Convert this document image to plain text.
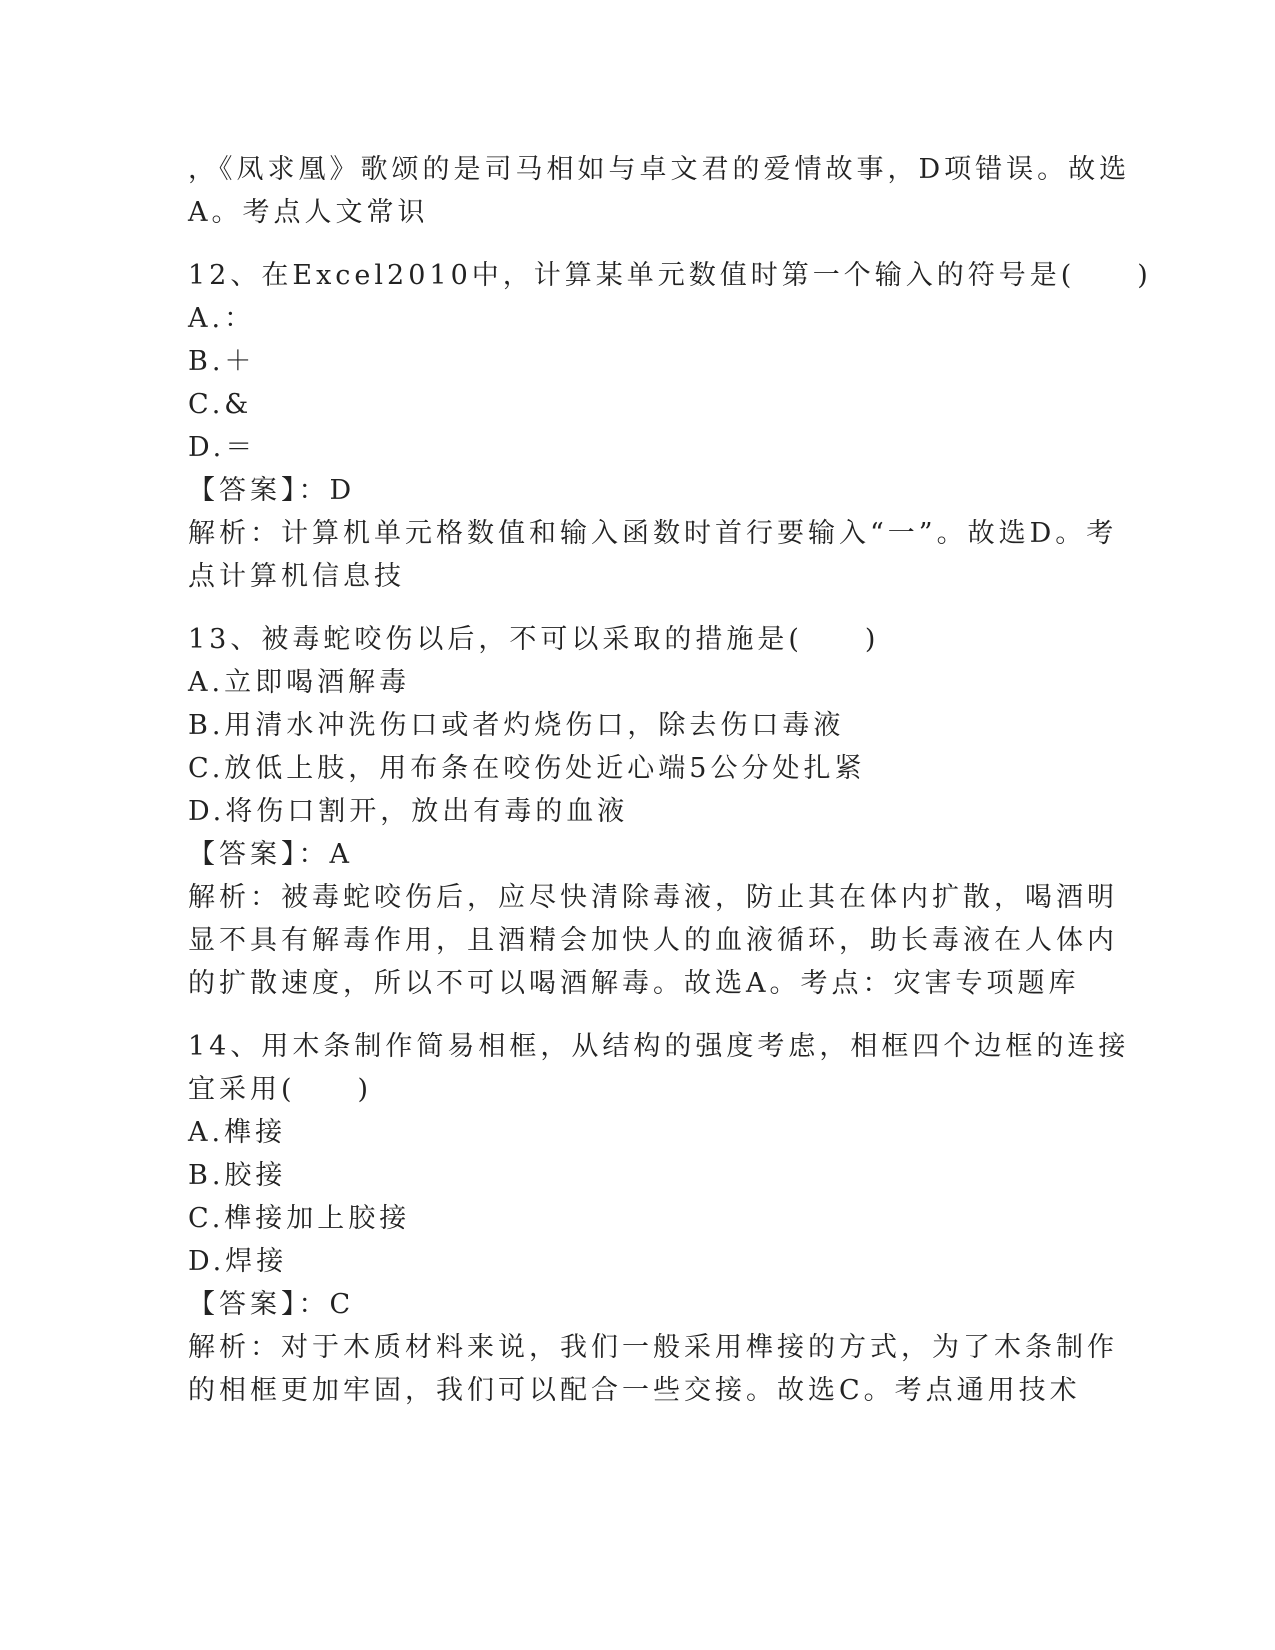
，《凤求凰》歌颂的是司马相如与卓文君的爱情故事，D项错误。故选

A。考点人文常识

12、在Excel2010中，计算某单元数值时第一个输入的符号是(　　)

A.：

B.＋

C.&

D.＝

【答案】：D

解析：计算机单元格数值和输入函数时首行要输入“一”。故选D。考

点计算机信息技

13、被毒蛇咬伤以后，不可以采取的措施是(　　)

A.立即喝酒解毒

B.用清水冲洗伤口或者灼烧伤口，除去伤口毒液

C.放低上肢，用布条在咬伤处近心端5公分处扎紧

D.将伤口割开，放出有毒的血液

【答案】：A

解析：被毒蛇咬伤后，应尽快清除毒液，防止其在体内扩散，喝酒明

显不具有解毒作用，且酒精会加快人的血液循环，助长毒液在人体内

的扩散速度，所以不可以喝酒解毒。故选A。考点：灾害专项题库

14、用木条制作简易相框，从结构的强度考虑，相框四个边框的连接

宜采用(　　)

A.榫接

B.胶接

C.榫接加上胶接

D.焊接

【答案】：C

解析：对于木质材料来说，我们一般采用榫接的方式，为了木条制作

的相框更加牢固，我们可以配合一些交接。故选C。考点通用技术
